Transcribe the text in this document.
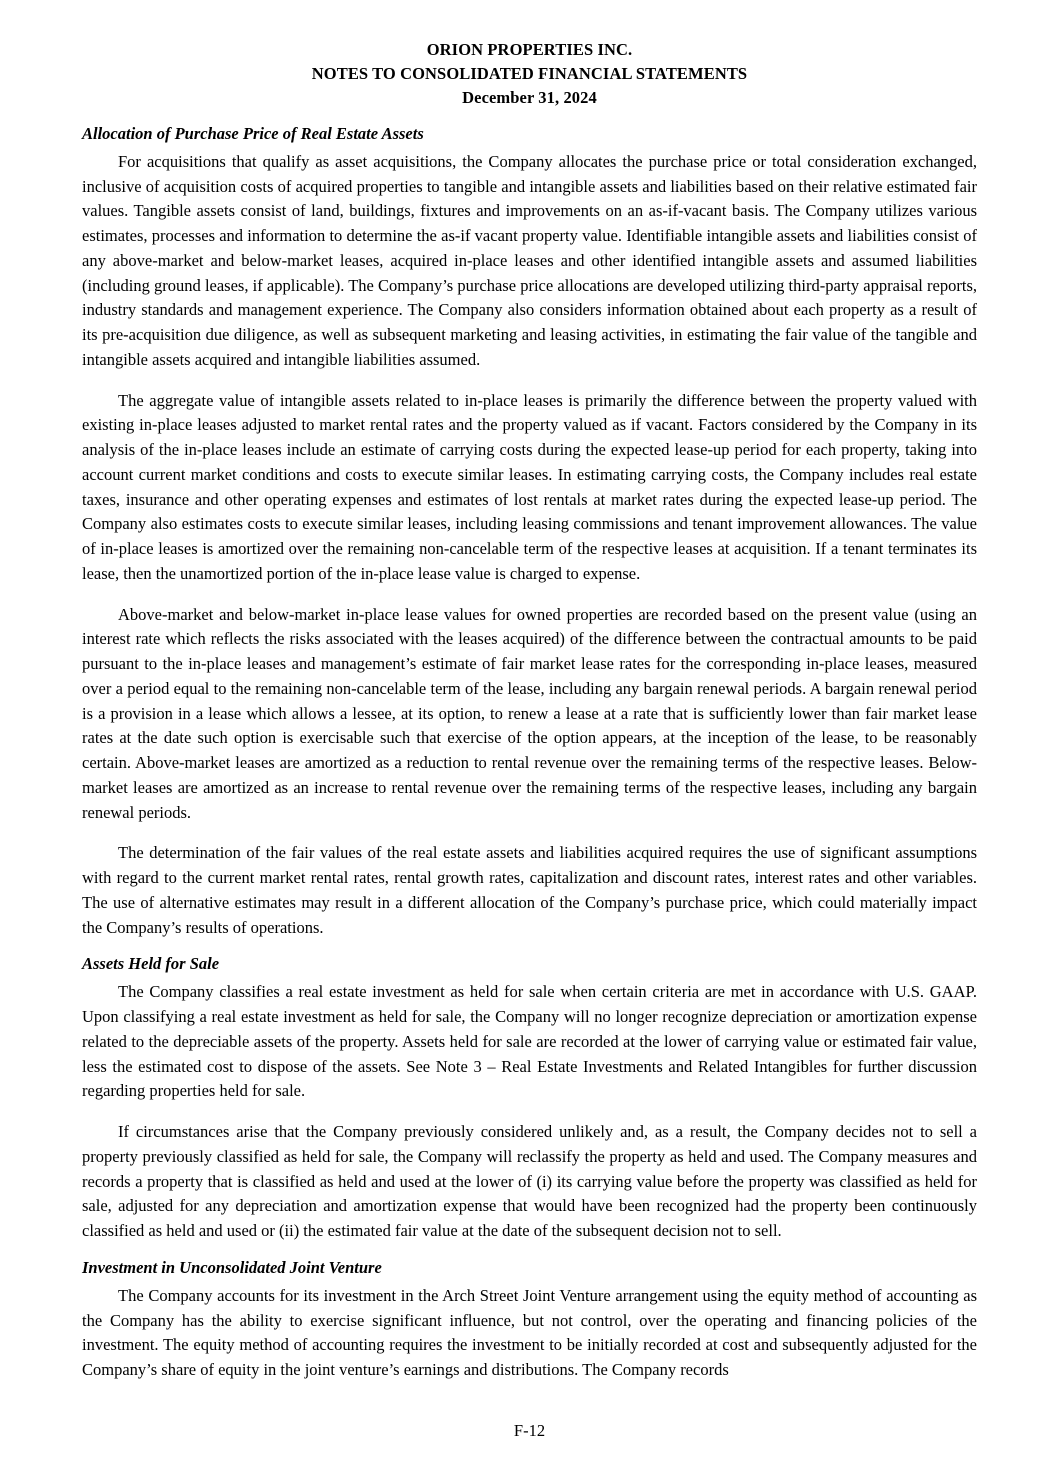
ORION PROPERTIES INC.
NOTES TO CONSOLIDATED FINANCIAL STATEMENTS
December 31, 2024
Allocation of Purchase Price of Real Estate Assets

For acquisitions that qualify as asset acquisitions, the Company allocates the purchase price or total consideration exchanged, inclusive of acquisition costs of acquired properties to tangible and intangible assets and liabilities based on their relative estimated fair values. Tangible assets consist of land, buildings, fixtures and improvements on an as-if-vacant basis. The Company utilizes various estimates, processes and information to determine the as-if vacant property value. Identifiable intangible assets and liabilities consist of any above-market and below-market leases, acquired in-place leases and other identified intangible assets and assumed liabilities (including ground leases, if applicable). The Company’s purchase price allocations are developed utilizing third-party appraisal reports, industry standards and management experience. The Company also considers information obtained about each property as a result of its pre-acquisition due diligence, as well as subsequent marketing and leasing activities, in estimating the fair value of the tangible and intangible assets acquired and intangible liabilities assumed.

The aggregate value of intangible assets related to in-place leases is primarily the difference between the property valued with existing in-place leases adjusted to market rental rates and the property valued as if vacant. Factors considered by the Company in its analysis of the in-place leases include an estimate of carrying costs during the expected lease-up period for each property, taking into account current market conditions and costs to execute similar leases. In estimating carrying costs, the Company includes real estate taxes, insurance and other operating expenses and estimates of lost rentals at market rates during the expected lease-up period. The Company also estimates costs to execute similar leases, including leasing commissions and tenant improvement allowances. The value of in-place leases is amortized over the remaining non-cancelable term of the respective leases at acquisition. If a tenant terminates its lease, then the unamortized portion of the in-place lease value is charged to expense.

Above-market and below-market in-place lease values for owned properties are recorded based on the present value (using an interest rate which reflects the risks associated with the leases acquired) of the difference between the contractual amounts to be paid pursuant to the in-place leases and management’s estimate of fair market lease rates for the corresponding in-place leases, measured over a period equal to the remaining non-cancelable term of the lease, including any bargain renewal periods. A bargain renewal period is a provision in a lease which allows a lessee, at its option, to renew a lease at a rate that is sufficiently lower than fair market lease rates at the date such option is exercisable such that exercise of the option appears, at the inception of the lease, to be reasonably certain. Above-market leases are amortized as a reduction to rental revenue over the remaining terms of the respective leases. Below-market leases are amortized as an increase to rental revenue over the remaining terms of the respective leases, including any bargain renewal periods.

The determination of the fair values of the real estate assets and liabilities acquired requires the use of significant assumptions with regard to the current market rental rates, rental growth rates, capitalization and discount rates, interest rates and other variables. The use of alternative estimates may result in a different allocation of the Company’s purchase price, which could materially impact the Company’s results of operations.

Assets Held for Sale

The Company classifies a real estate investment as held for sale when certain criteria are met in accordance with U.S. GAAP. Upon classifying a real estate investment as held for sale, the Company will no longer recognize depreciation or amortization expense related to the depreciable assets of the property. Assets held for sale are recorded at the lower of carrying value or estimated fair value, less the estimated cost to dispose of the assets. See Note 3 – Real Estate Investments and Related Intangibles for further discussion regarding properties held for sale.

If circumstances arise that the Company previously considered unlikely and, as a result, the Company decides not to sell a property previously classified as held for sale, the Company will reclassify the property as held and used. The Company measures and records a property that is classified as held and used at the lower of (i) its carrying value before the property was classified as held for sale, adjusted for any depreciation and amortization expense that would have been recognized had the property been continuously classified as held and used or (ii) the estimated fair value at the date of the subsequent decision not to sell.

Investment in Unconsolidated Joint Venture

The Company accounts for its investment in the Arch Street Joint Venture arrangement using the equity method of accounting as the Company has the ability to exercise significant influence, but not control, over the operating and financing policies of the investment. The equity method of accounting requires the investment to be initially recorded at cost and subsequently adjusted for the Company’s share of equity in the joint venture’s earnings and distributions. The Company records

F-12
